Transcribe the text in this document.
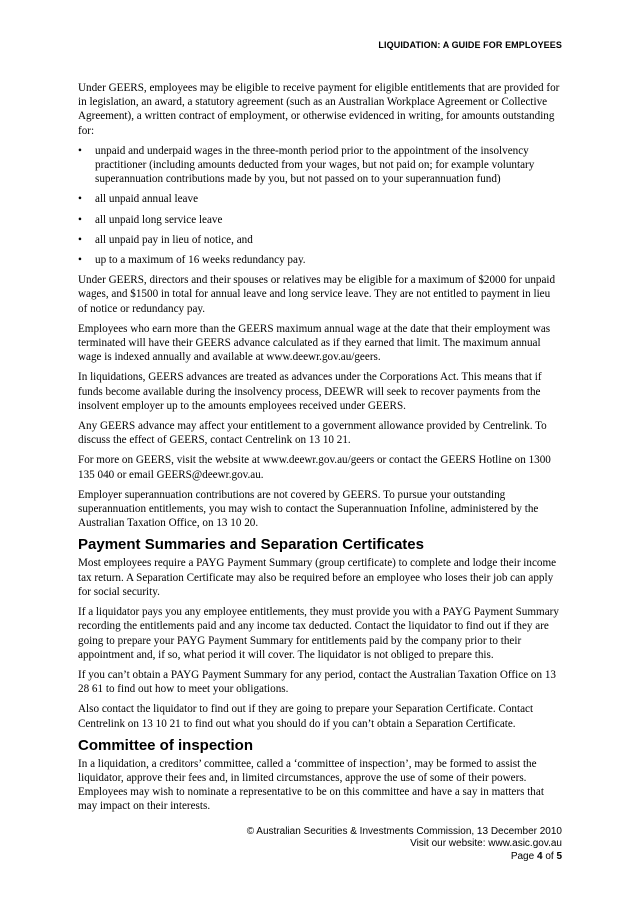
LIQUIDATION: A GUIDE FOR EMPLOYEES

Under GEERS, employees may be eligible to receive payment for eligible entitlements that are provided for in legislation, an award, a statutory agreement (such as an Australian Workplace Agreement or Collective Agreement), a written contract of employment, or otherwise evidenced in writing, for amounts outstanding for:

• unpaid and underpaid wages in the three-month period prior to the appointment of the insolvency practitioner (including amounts deducted from your wages, but not paid on; for example voluntary superannuation contributions made by you, but not passed on to your superannuation fund)
• all unpaid annual leave
• all unpaid long service leave
• all unpaid pay in lieu of notice, and
• up to a maximum of 16 weeks redundancy pay.

Under GEERS, directors and their spouses or relatives may be eligible for a maximum of $2000 for unpaid wages, and $1500 in total for annual leave and long service leave. They are not entitled to payment in lieu of notice or redundancy pay.

Employees who earn more than the GEERS maximum annual wage at the date that their employment was terminated will have their GEERS advance calculated as if they earned that limit. The maximum annual wage is indexed annually and available at www.deewr.gov.au/geers.

In liquidations, GEERS advances are treated as advances under the Corporations Act. This means that if funds become available during the insolvency process, DEEWR will seek to recover payments from the insolvent employer up to the amounts employees received under GEERS.

Any GEERS advance may affect your entitlement to a government allowance provided by Centrelink. To discuss the effect of GEERS, contact Centrelink on 13 10 21.

For more on GEERS, visit the website at www.deewr.gov.au/geers or contact the GEERS Hotline on 1300 135 040 or email GEERS@deewr.gov.au.

Employer superannuation contributions are not covered by GEERS. To pursue your outstanding superannuation entitlements, you may wish to contact the Superannuation Infoline, administered by the Australian Taxation Office, on 13 10 20.

Payment Summaries and Separation Certificates

Most employees require a PAYG Payment Summary (group certificate) to complete and lodge their income tax return. A Separation Certificate may also be required before an employee who loses their job can apply for social security.

If a liquidator pays you any employee entitlements, they must provide you with a PAYG Payment Summary recording the entitlements paid and any income tax deducted. Contact the liquidator to find out if they are going to prepare your PAYG Payment Summary for entitlements paid by the company prior to their appointment and, if so, what period it will cover. The liquidator is not obliged to prepare this.

If you can’t obtain a PAYG Payment Summary for any period, contact the Australian Taxation Office on 13 28 61 to find out how to meet your obligations.

Also contact the liquidator to find out if they are going to prepare your Separation Certificate. Contact Centrelink on 13 10 21 to find out what you should do if you can’t obtain a Separation Certificate.

Committee of inspection

In a liquidation, a creditors’ committee, called a ‘committee of inspection’, may be formed to assist the liquidator, approve their fees and, in limited circumstances, approve the use of some of their powers. Employees may wish to nominate a representative to be on this committee and have a say in matters that may impact on their interests.

© Australian Securities & Investments Commission, 13 December 2010
Visit our website: www.asic.gov.au
Page 4 of 5
